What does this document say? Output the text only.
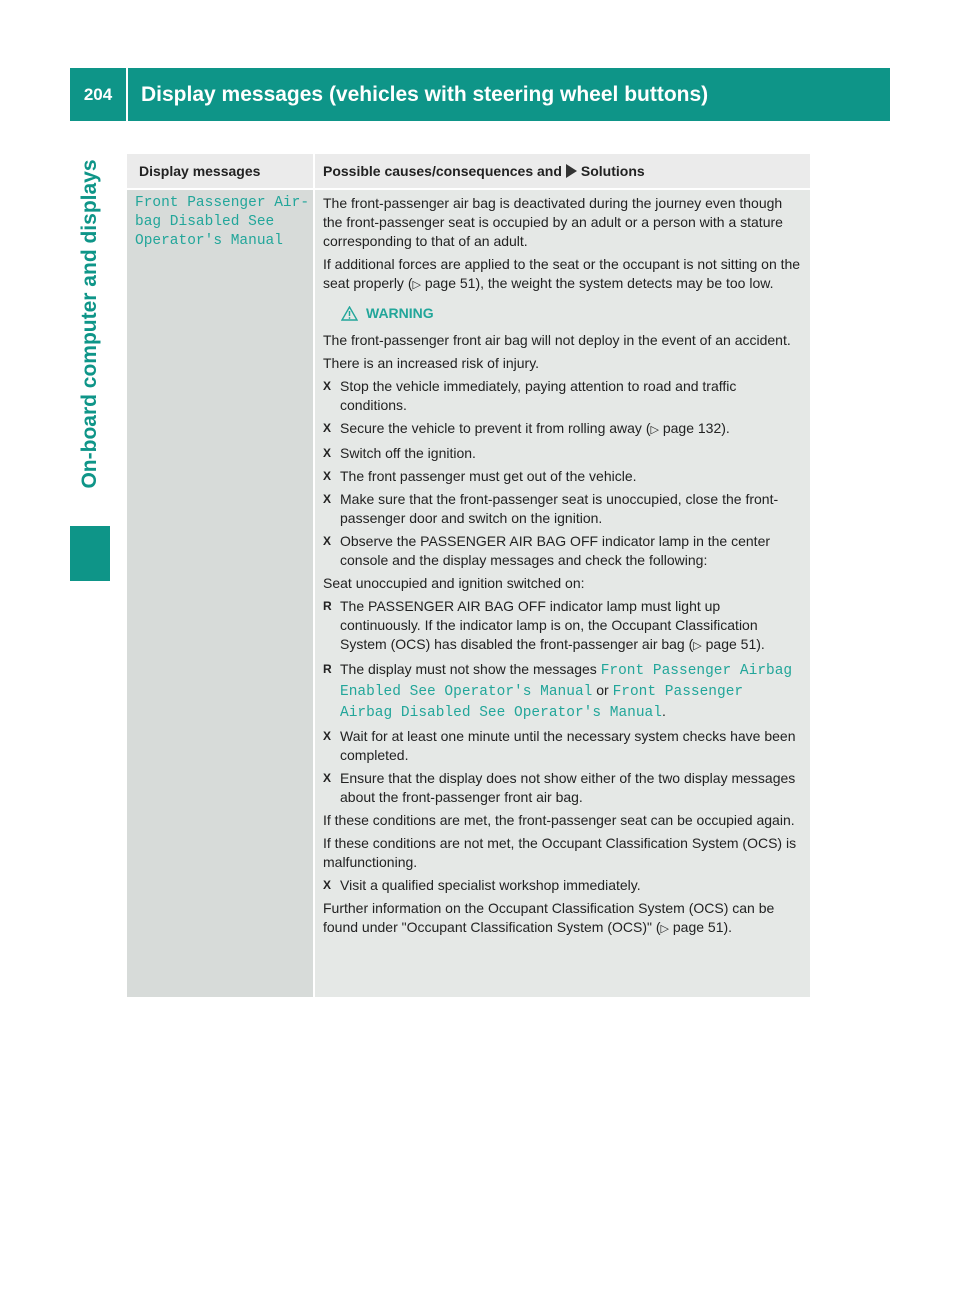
204	Display messages (vehicles with steering wheel buttons)
On-board computer and displays	Display messages	Possible causes/consequences and Solutions
Front Passenger Air‑
bag Disabled See
Operator's Manual

The front-passenger air bag is deactivated during the journey even though the front-passenger seat is occupied by an adult or a person with a stature corresponding to that of an adult.

If additional forces are applied to the seat or the occupant is not sitting on the seat properly (▷ page 51), the weight the system detects may be too low.

WARNING

The front-passenger front air bag will not deploy in the event of an accident.

There is an increased risk of injury.

X Stop the vehicle immediately, paying attention to road and traffic conditions.
X Secure the vehicle to prevent it from rolling away (▷ page 132).
X Switch off the ignition.
X The front passenger must get out of the vehicle.
X Make sure that the front-passenger seat is unoccupied, close the front-passenger door and switch on the ignition.
X Observe the PASSENGER AIR BAG OFF indicator lamp in the center console and the display messages and check the following:

Seat unoccupied and ignition switched on:

R The PASSENGER AIR BAG OFF indicator lamp must light up continuously. If the indicator lamp is on, the Occupant Classification System (OCS) has disabled the front-passenger air bag (▷ page 51).
R The display must not show the messages Front Passenger Airbag Enabled See Operator's Manual or Front Passenger Airbag Disabled See Operator's Manual.
X Wait for at least one minute until the necessary system checks have been completed.
X Ensure that the display does not show either of the two display messages about the front-passenger front air bag.

If these conditions are met, the front-passenger seat can be occupied again.

If these conditions are not met, the Occupant Classification System (OCS) is malfunctioning.

X Visit a qualified specialist workshop immediately.

Further information on the Occupant Classification System (OCS) can be found under "Occupant Classification System (OCS)" (▷ page 51).
